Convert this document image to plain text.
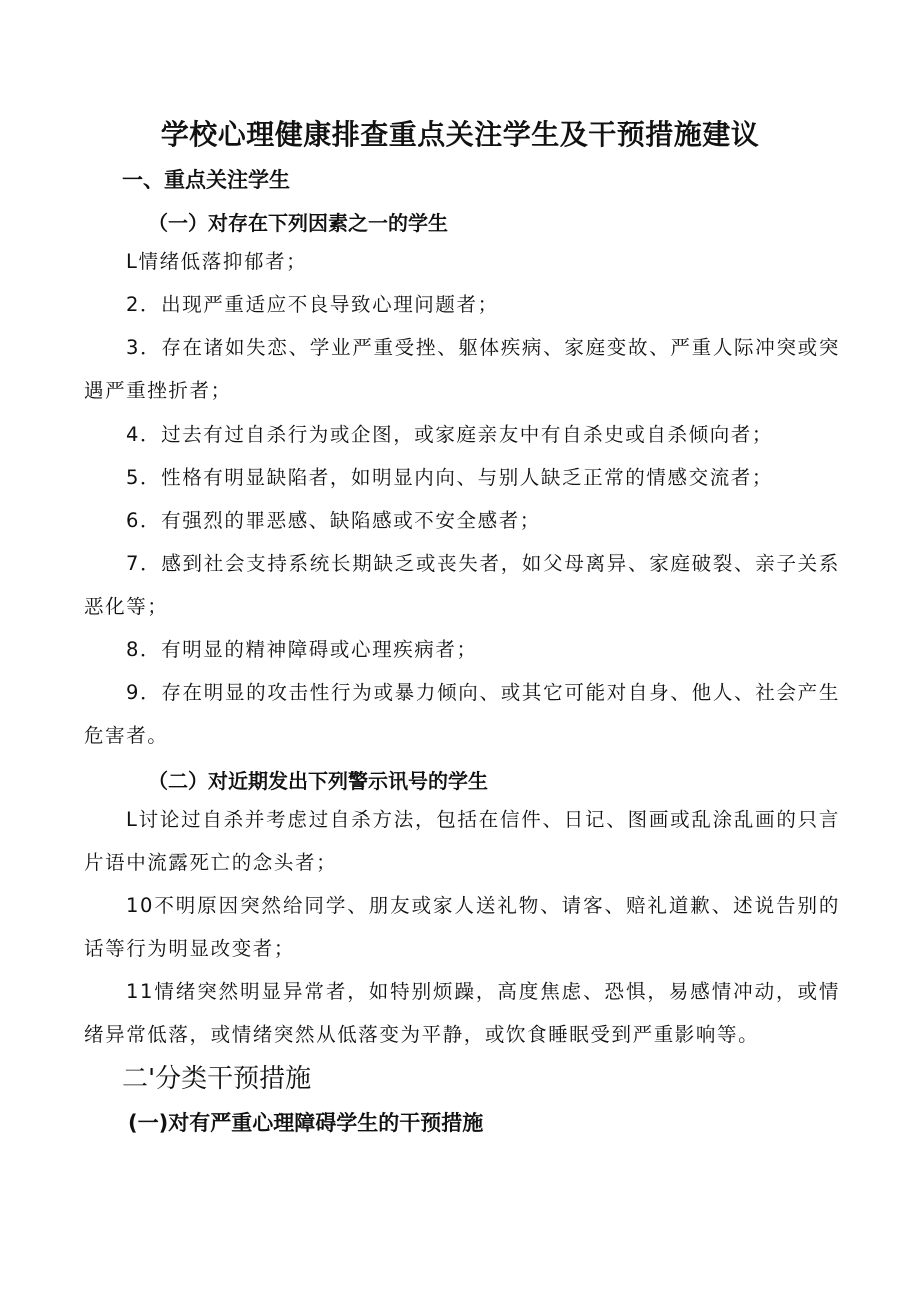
学校心理健康排查重点关注学生及干预措施建议
一、重点关注学生
（一）对存在下列因素之一的学生
L情绪低落抑郁者；
2．出现严重适应不良导致心理问题者；
3．存在诸如失恋、学业严重受挫、躯体疾病、家庭变故、严重人际冲突或突遇严重挫折者；
4．过去有过自杀行为或企图，或家庭亲友中有自杀史或自杀倾向者；
5．性格有明显缺陷者，如明显内向、与别人缺乏正常的情感交流者；
6．有强烈的罪恶感、缺陷感或不安全感者；
7．感到社会支持系统长期缺乏或丧失者，如父母离异、家庭破裂、亲子关系恶化等；
8．有明显的精神障碍或心理疾病者；
9．存在明显的攻击性行为或暴力倾向、或其它可能对自身、他人、社会产生危害者。
（二）对近期发出下列警示讯号的学生
L讨论过自杀并考虑过自杀方法，包括在信件、日记、图画或乱涂乱画的只言片语中流露死亡的念头者；
10不明原因突然给同学、朋友或家人送礼物、请客、赔礼道歉、述说告别的话等行为明显改变者；
11情绪突然明显异常者，如特别烦躁，高度焦虑、恐惧，易感情冲动，或情绪异常低落，或情绪突然从低落变为平静，或饮食睡眠受到严重影响等。
二'分类干预措施
(一)对有严重心理障碍学生的干预措施
